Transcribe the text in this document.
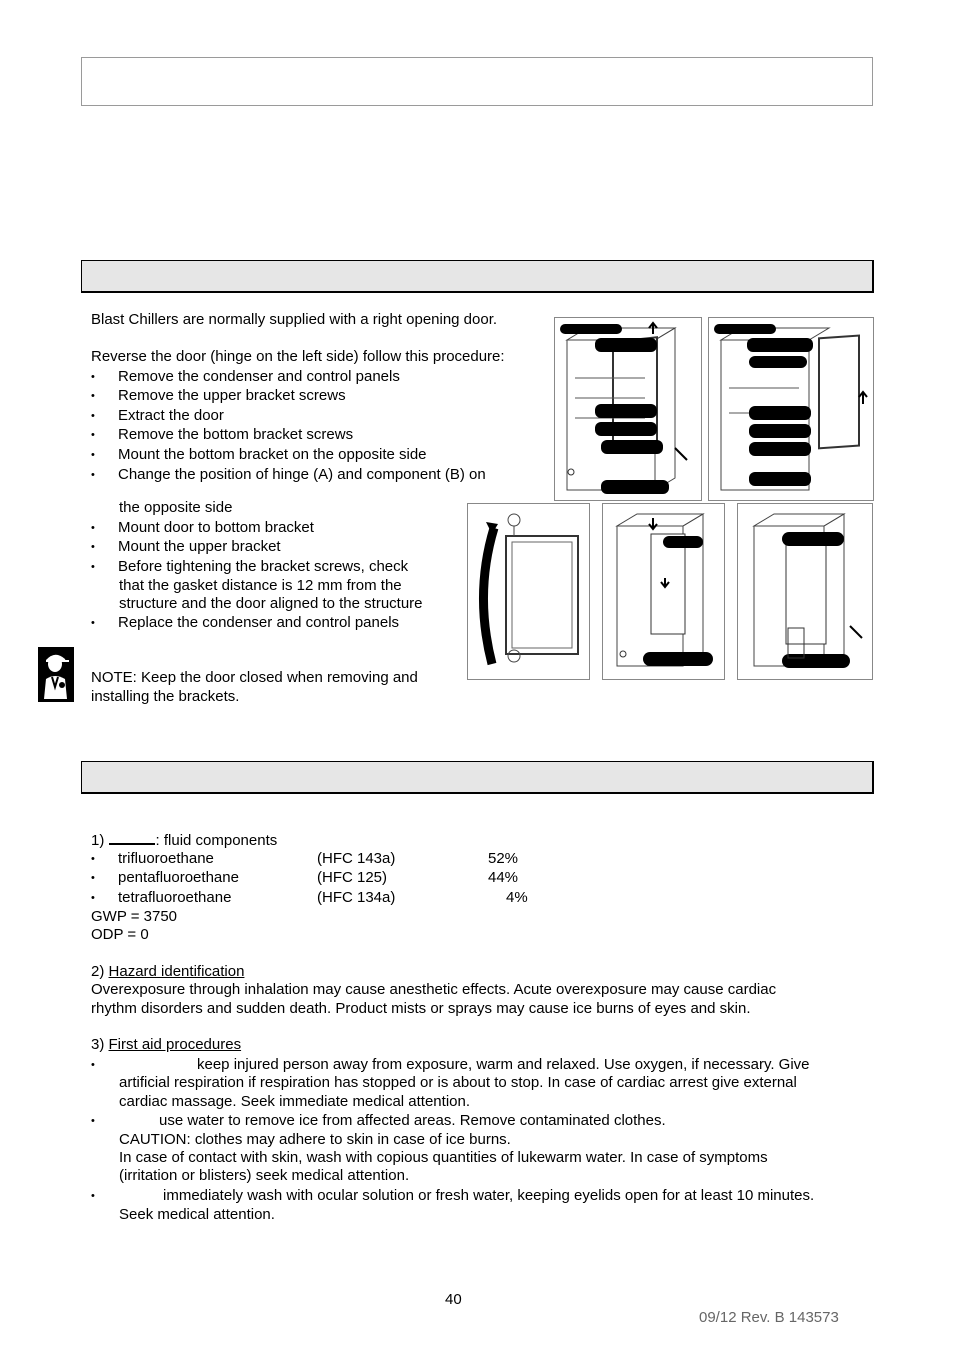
Blast Chillers are normally supplied with a right opening door.
Reverse the door (hinge on the left side) follow this procedure:
• Remove the condenser and control panels
• Remove the upper bracket screws
• Extract the door
• Remove the bottom bracket screws
• Mount the bottom bracket on the opposite side
• Change the position of hinge (A) and component (B) on
the opposite side
• Mount door to bottom bracket
• Mount the upper bracket
• Before tightening the bracket screws, check
that the gasket distance is 12 mm from the
structure and the door aligned to the structure
• Replace the condenser and control panels
NOTE: Keep the door closed when removing and
installing the brackets.
1)	: fluid components
• trifluoroethane	(HFC 143a)	52%
• pentafluoroethane	(HFC 125)	44%
• tetrafluoroethane	(HFC 134a)	4%
GWP = 3750
ODP = 0
2) Hazard identification
Overexposure through inhalation may cause anesthetic effects. Acute overexposure may cause cardiac
rhythm disorders and sudden death. Product mists or sprays may cause ice burns of eyes and skin.
3) First aid procedures
•	keep injured person away from exposure, warm and relaxed. Use oxygen, if necessary. Give
artificial respiration if respiration has stopped or is about to stop. In case of cardiac arrest give external
cardiac massage. Seek immediate medical attention.
•	use water to remove ice from affected areas. Remove contaminated clothes.
CAUTION: clothes may adhere to skin in case of ice burns.
In case of contact with skin, wash with copious quantities of lukewarm water. In case of symptoms
(irritation or blisters) seek medical attention.
•	immediately wash with ocular solution or fresh water, keeping eyelids open for at least 10 minutes.
Seek medical attention.
40
09/12 Rev. B 143573
